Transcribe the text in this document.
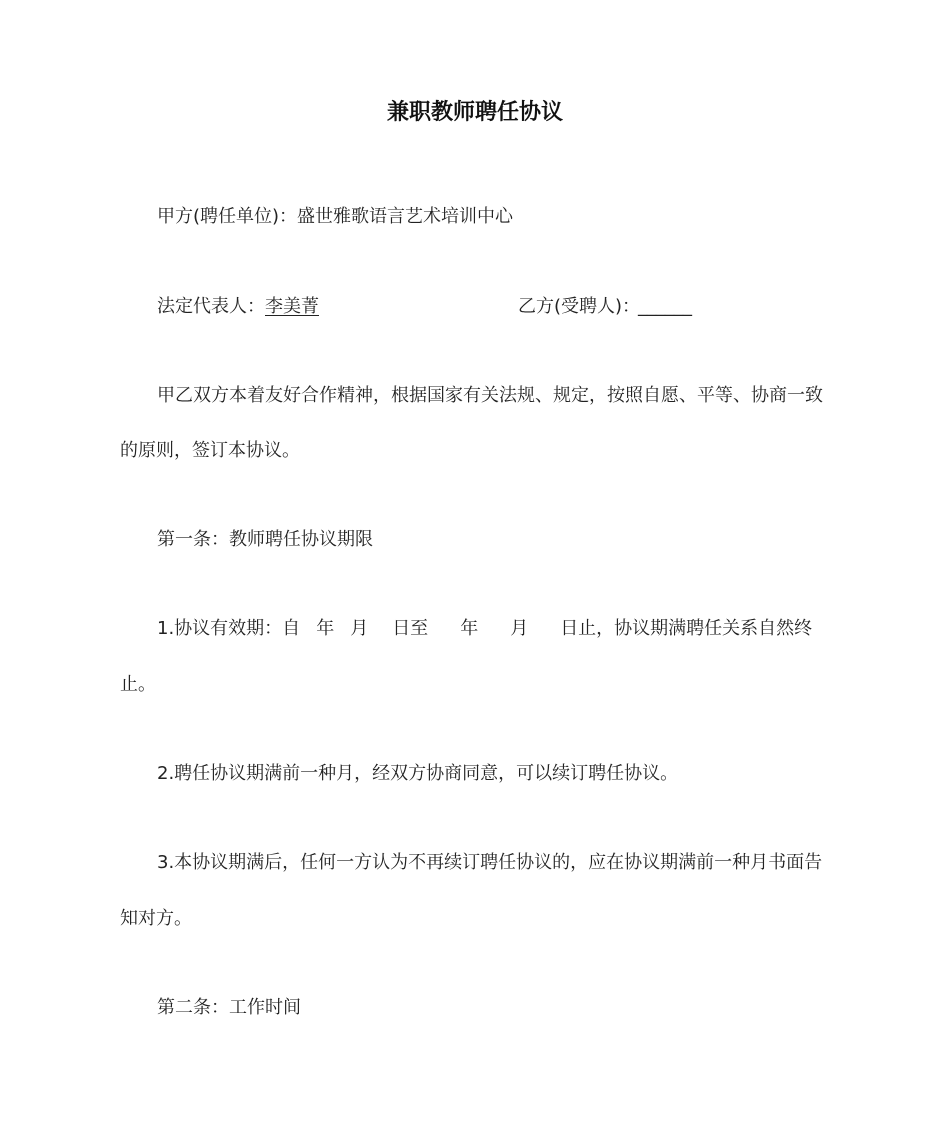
兼职教师聘任协议
甲方(聘任单位)：盛世雅歌语言艺术培训中心
法定代表人： 李美菁	乙方(受聘人)：
______
甲乙双方本着友好合作精神，根据国家有关法规、规定，按照自愿、平等、协商一致
的原则，签订本协议。
第一条：教师聘任协议期限
1.协议有效期：自 年 月 日至 年 月 日止，协议期满聘任关系自然终
止。
2.聘任协议期满前一种月，经双方协商同意，可以续订聘任协议。
3.本协议期满后，任何一方认为不再续订聘任协议的，应在协议期满前一种月书面告
知对方。
第二条：工作时间
